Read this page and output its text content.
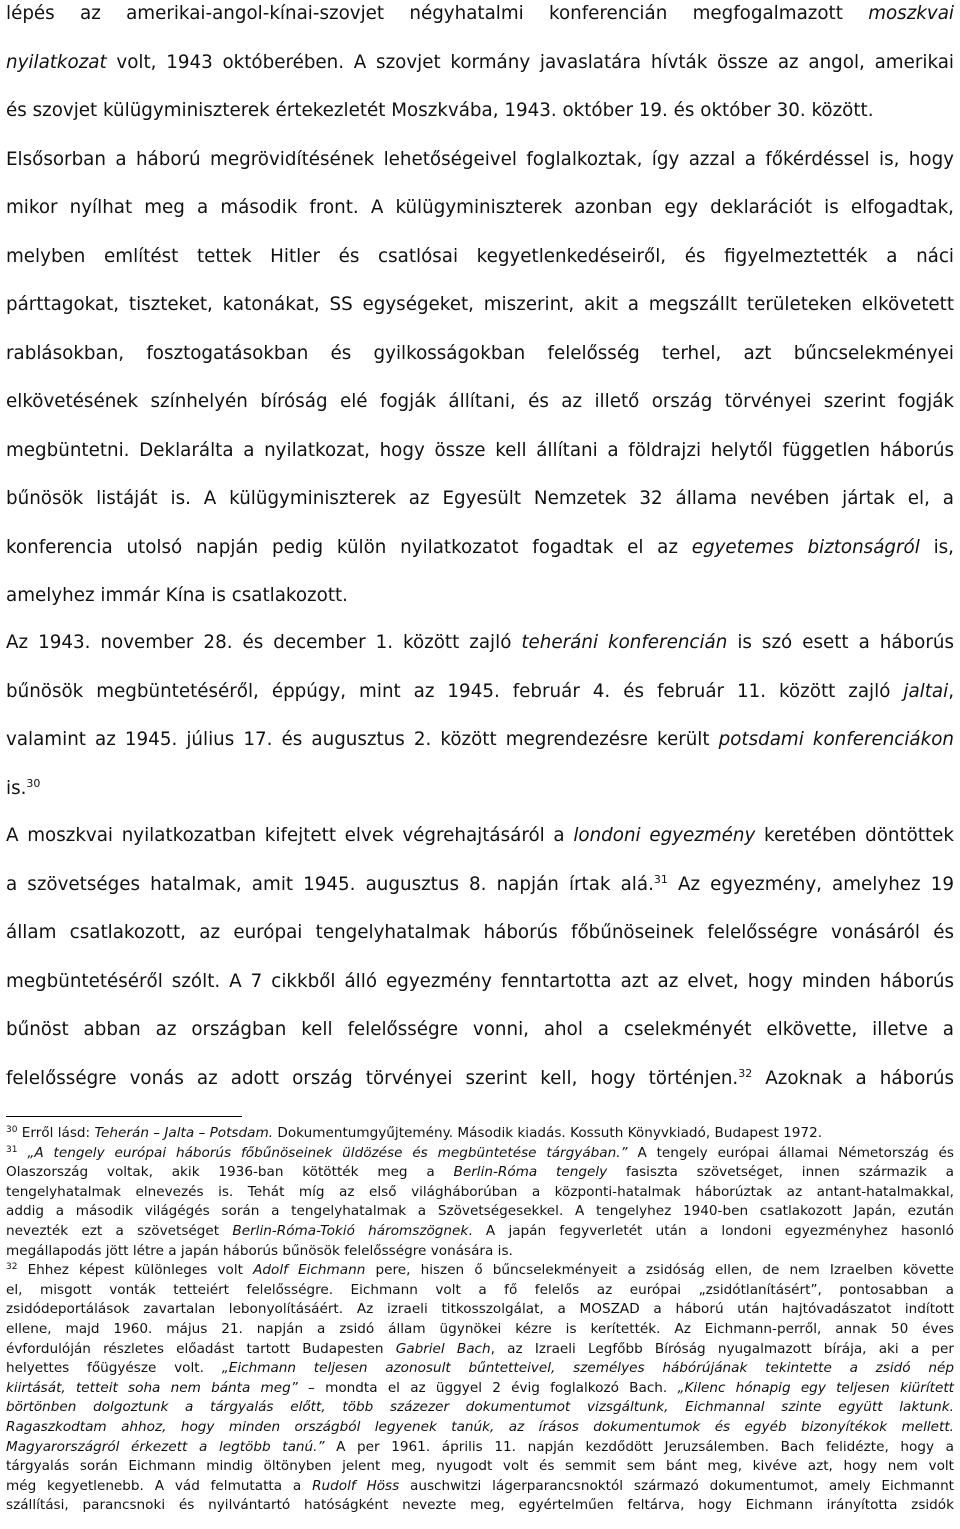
lépés az amerikai-angol-kínai-szovjet négyhatalmi konferencián megfogalmazott moszkvai
nyilatkozat volt, 1943 októberében. A szovjet kormány javaslatára hívták össze az angol, amerikai
és szovjet külügyminiszterek értekezletét Moszkvába, 1943. október 19. és október 30. között.
Elsősorban a háború megrövidítésének lehetőségeivel foglalkoztak, így azzal a főkérdéssel is, hogy
mikor nyílhat meg a második front. A külügyminiszterek azonban egy deklarációt is elfogadtak,
melyben említést tettek Hitler és csatlósai kegyetlenkedéseiről, és figyelmeztették a náci
párttagokat, tiszteket, katonákat, SS egységeket, miszerint, akit a megszállt területeken elkövetett
rablásokban, fosztogatásokban és gyilkosságokban felelősség terhel, azt bűncselekményei
elkövetésének színhelyén bíróság elé fogják állítani, és az illető ország törvényei szerint fogják
megbüntetni. Deklarálta a nyilatkozat, hogy össze kell állítani a földrajzi helytől független háborús
bűnösök listáját is. A külügyminiszterek az Egyesült Nemzetek 32 állama nevében jártak el, a
konferencia utolsó napján pedig külön nyilatkozatot fogadtak el az egyetemes biztonságról is,
amelyhez immár Kína is csatlakozott.
Az 1943. november 28. és december 1. között zajló teheráni konferencián is szó esett a háborús
bűnösök megbüntetéséről, éppúgy, mint az 1945. február 4. és február 11. között zajló jaltai,
valamint az 1945. július 17. és augusztus 2. között megrendezésre került potsdami konferenciákon
is.$^{30}$
A moszkvai nyilatkozatban kifejtett elvek végrehajtásáról a londoni egyezmény keretében döntöttek
a szövetséges hatalmak, amit 1945. augusztus 8. napján írtak alá.$^{31}$ Az egyezmény, amelyhez 19
állam csatlakozott, az európai tengelyhatalmak háborús főbűnöseinek felelősségre vonásáról és
megbüntetéséről szólt. A 7 cikkből álló egyezmény fenntartotta azt az elvet, hogy minden háborús
bűnöst abban az országban kell felelősségre vonni, ahol a cselekményét elkövette, illetve a
felelősségre vonás az adott ország törvényei szerint kell, hogy történjen.$^{32}$ Azoknak a háborús
$^{30}$ Erről lásd: Teherán – Jalta – Potsdam. Dokumentumgyűjtemény. Második kiadás. Kossuth Könyvkiadó, Budapest 1972.
$^{31}$ „A tengely európai háborús főbűnöseinek üldözése és megbüntetése tárgyában.” A tengely európai államai Németország és
Olaszország voltak, akik 1936-ban kötötték meg a Berlin-Róma tengely fasiszta szövetséget, innen származik a
tengelyhatalmak elnevezés is. Tehát míg az első világháborúban a központi-hatalmak háborúztak az antant-hatalmakkal,
addig a második világégés során a tengelyhatalmak a Szövetségesekkel. A tengelyhez 1940-ben csatlakozott Japán, ezután
nevezték ezt a szövetséget Berlin-Róma-Tokió háromszögnek. A japán fegyverletét után a londoni egyezményhez hasonló
megállapodás jött létre a japán háborús bűnösök felelősségre vonására is.
$^{32}$ Ehhez képest különleges volt Adolf Eichmann pere, hiszen ő bűncselekményeit a zsidóság ellen, de nem Izraelben követte
el, misgott vonták tetteiért felelősségre. Eichmann volt a fő felelős az európai „zsidótlanításért”, pontosabban a
zsidódeportálások zavartalan lebonyolításáért. Az izraeli titkosszolgálat, a MOSZAD a háború után hajtóvadászatot indított
ellene, majd 1960. május 21. napján a zsidó állam ügynökei kézre is kerítették. Az Eichmann-perről, annak 50 éves
évfordulóján részletes előadást tartott Budapesten Gabriel Bach, az Izraeli Legfőbb Bíróság nyugalmazott bírája, aki a per
helyettes főügyésze volt. „Eichmann teljesen azonosult bűntetteivel, személyes hábórújának tekintette a zsidó nép
kiirtását, tetteit soha nem bánta meg” – mondta el az üggyel 2 évig foglalkozó Bach. „Kilenc hónapig egy teljesen kiürített
börtönben dolgoztunk a tárgyalás előtt, több százezer dokumentumot vizsgáltunk, Eichmannal szinte együtt laktunk.
Ragaszkodtam ahhoz, hogy minden országból legyenek tanúk, az írásos dokumentumok és egyéb bizonyítékok mellett.
Magyarországról érkezett a legtöbb tanú.” A per 1961. április 11. napján kezdődött Jeruzsálemben. Bach felidézte, hogy a
tárgyalás során Eichmann mindig öltönyben jelent meg, nyugodt volt és semmit sem bánt meg, kivéve azt, hogy nem volt
még kegyetlenebb. A vád felmutatta a Rudolf Höss auschwitzi lágerparancsnoktól származó dokumentumot, amely Eichmannt
szállítási, parancsnoki és nyilvántartó hatóságként nevezte meg, egyértelműen feltárva, hogy Eichmann irányította zsidók
